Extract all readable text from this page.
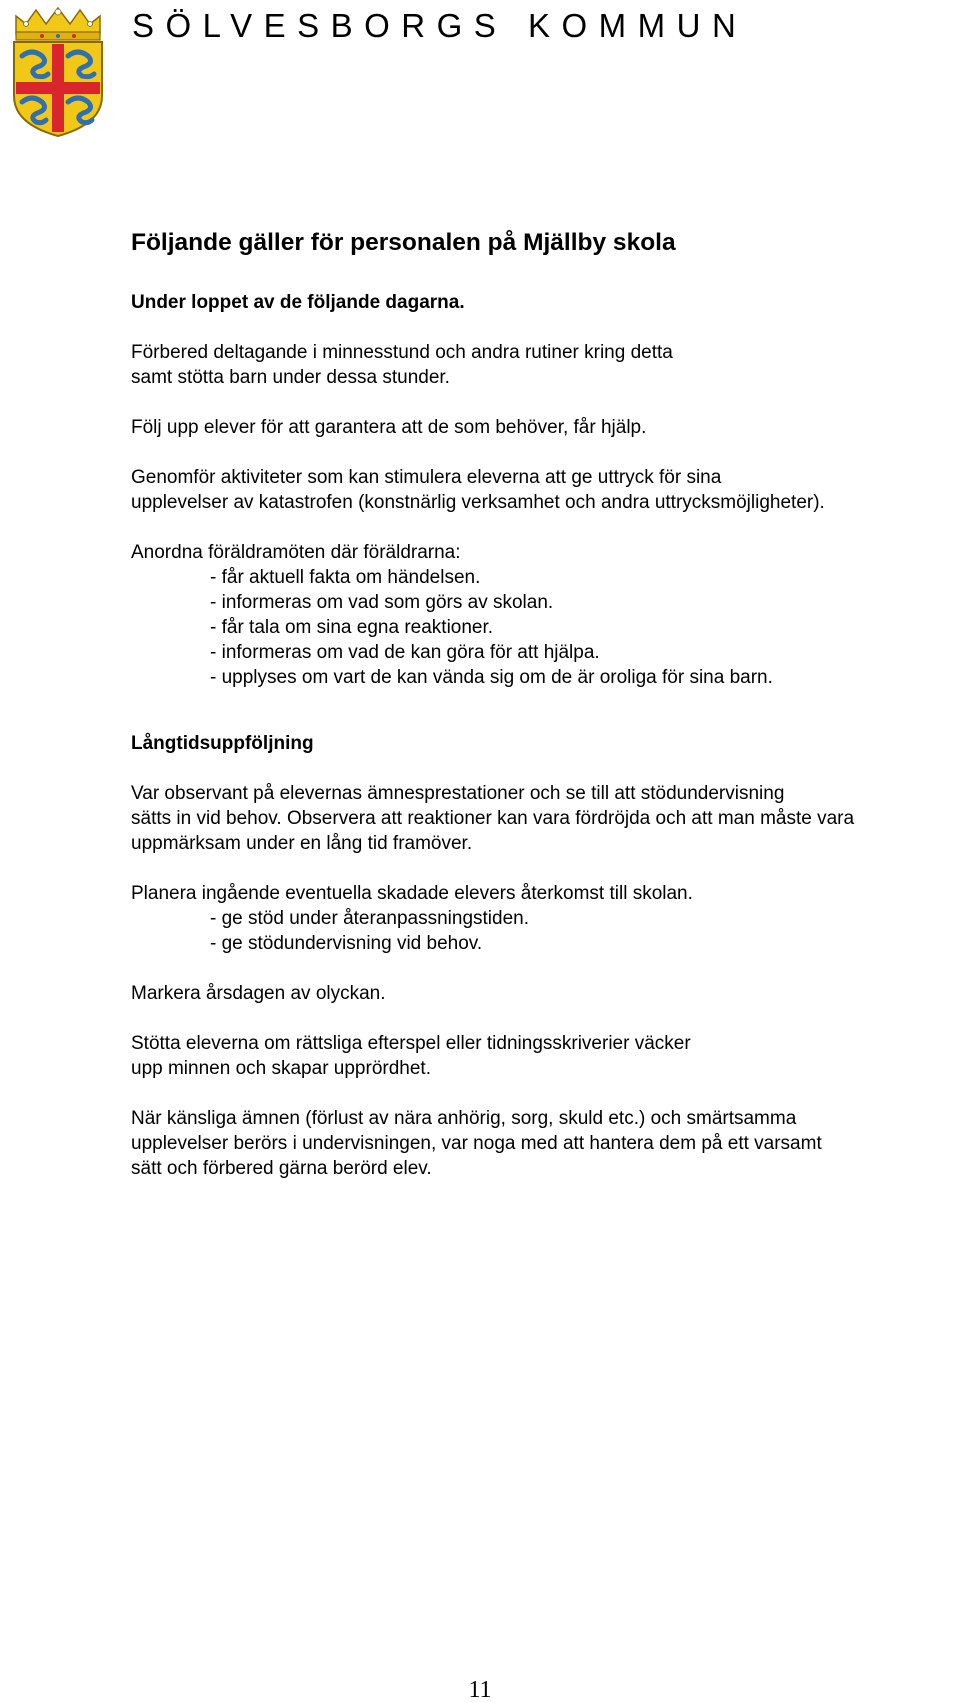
SÖLVESBORGS KOMMUN
Följande gäller för personalen på Mjällby skola

Under loppet av de följande dagarna.

Förbered deltagande i minnesstund och andra rutiner kring detta

samt stötta barn under dessa stunder.

Följ upp elever för att garantera att de som behöver, får hjälp.

Genomför aktiviteter som kan stimulera eleverna att ge uttryck för sina

upplevelser av katastrofen (konstnärlig verksamhet och andra uttrycksmöjligheter).

Anordna föräldramöten där föräldrarna:

- får aktuell fakta om händelsen.

- informeras om vad som görs av skolan.

- får tala om sina egna reaktioner.

- informeras om vad de kan göra för att hjälpa.

- upplyses om vart de kan vända sig om de är oroliga för sina barn.

Långtidsuppföljning

Var observant på elevernas ämnesprestationer och se till att stödundervisning

sätts in vid behov. Observera att reaktioner kan vara fördröjda och att man måste vara

uppmärksam under en lång tid framöver.

Planera ingående eventuella skadade elevers återkomst till skolan.

- ge stöd under återanpassningstiden.

- ge stödundervisning vid behov.

Markera årsdagen av olyckan.

Stötta eleverna om rättsliga efterspel eller tidningsskriverier väcker

upp minnen och skapar upprördhet.

När känsliga ämnen (förlust av nära anhörig, sorg, skuld etc.) och smärtsamma

upplevelser berörs i undervisningen, var noga med att hantera dem på ett varsamt

sätt och förbered gärna berörd elev.

11
